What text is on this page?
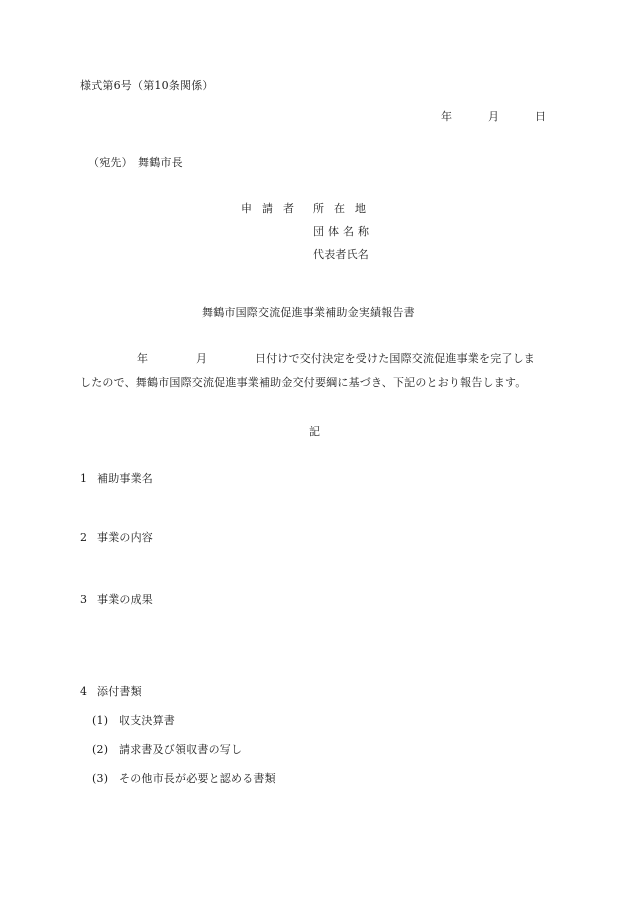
様式第6号（第10条関係）
年	月	日
（宛先） 舞鶴市長
申請者 所在地
団体名称
代表者氏名
舞鶴市国際交流促進事業補助金実績報告書
年	月	日付けで交付決定を受けた国際交流促進事業を完了しま
したので、舞鶴市国際交流促進事業補助金交付要綱に基づき、下記のとおり報告します。
記
1 補助事業名
2 事業の内容
3 事業の成果
4 添付書類
(1) 収支決算書
(2) 請求書及び領収書の写し
(3) その他市長が必要と認める書類
